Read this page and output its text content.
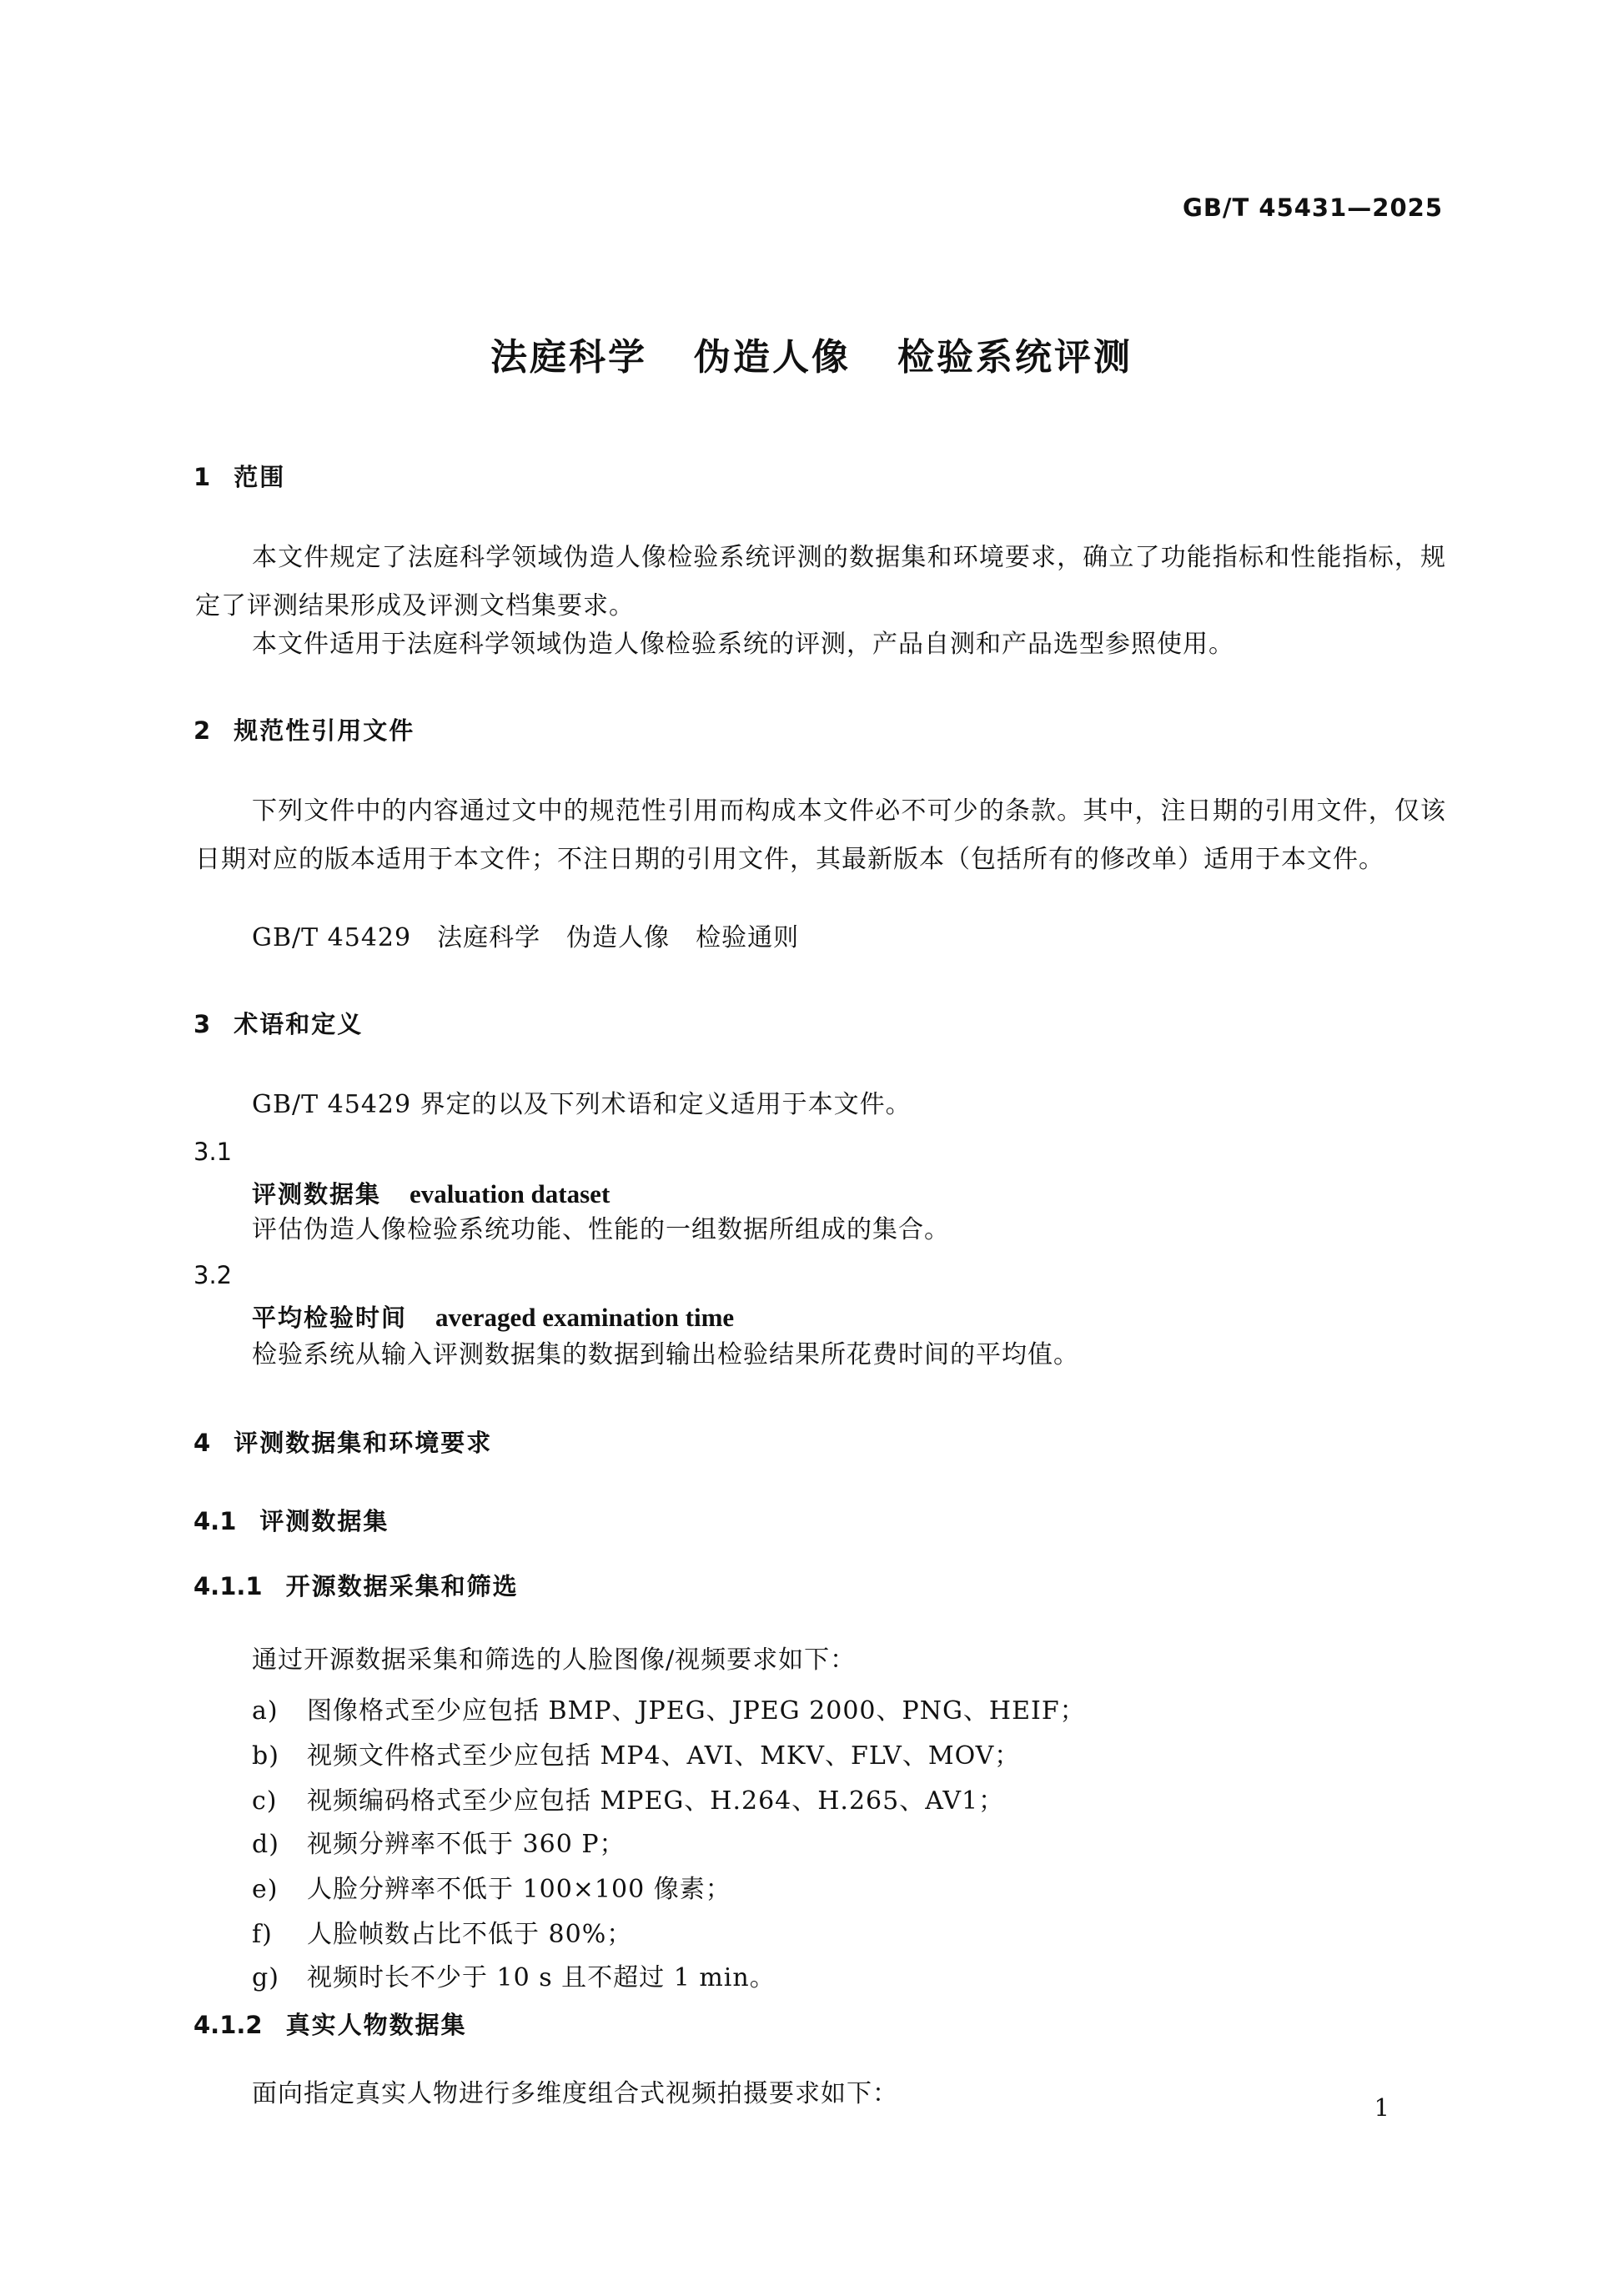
GB/T 45431—2025
法庭科学 伪造人像 检验系统评测
1 范围
本文件规定了法庭科学领域伪造人像检验系统评测的数据集和环境要求，确立了功能指标和性能指标，规定了评测结果形成及评测文档集要求。
本文件适用于法庭科学领域伪造人像检验系统的评测，产品自测和产品选型参照使用。
2 规范性引用文件
下列文件中的内容通过文中的规范性引用而构成本文件必不可少的条款。其中，注日期的引用文件，仅该日期对应的版本适用于本文件；不注日期的引用文件，其最新版本（包括所有的修改单）适用于本文件。
GB/T 45429　法庭科学　伪造人像　检验通则
3 术语和定义
GB/T 45429 界定的以及下列术语和定义适用于本文件。
3.1
评测数据集 evaluation dataset
评估伪造人像检验系统功能、性能的一组数据所组成的集合。
3.2
平均检验时间 averaged examination time
检验系统从输入评测数据集的数据到输出检验结果所花费时间的平均值。
4 评测数据集和环境要求
4.1 评测数据集
4.1.1 开源数据采集和筛选
通过开源数据采集和筛选的人脸图像/视频要求如下：
a) 图像格式至少应包括 BMP、JPEG、JPEG 2000、PNG、HEIF；
b) 视频文件格式至少应包括 MP4、AVI、MKV、FLV、MOV；
c) 视频编码格式至少应包括 MPEG、H.264、H.265、AV1；
d) 视频分辨率不低于 360 P；
e) 人脸分辨率不低于 100×100 像素；
f) 人脸帧数占比不低于 80%；
g) 视频时长不少于 10 s 且不超过 1 min。
4.1.2 真实人物数据集
面向指定真实人物进行多维度组合式视频拍摄要求如下：	1
